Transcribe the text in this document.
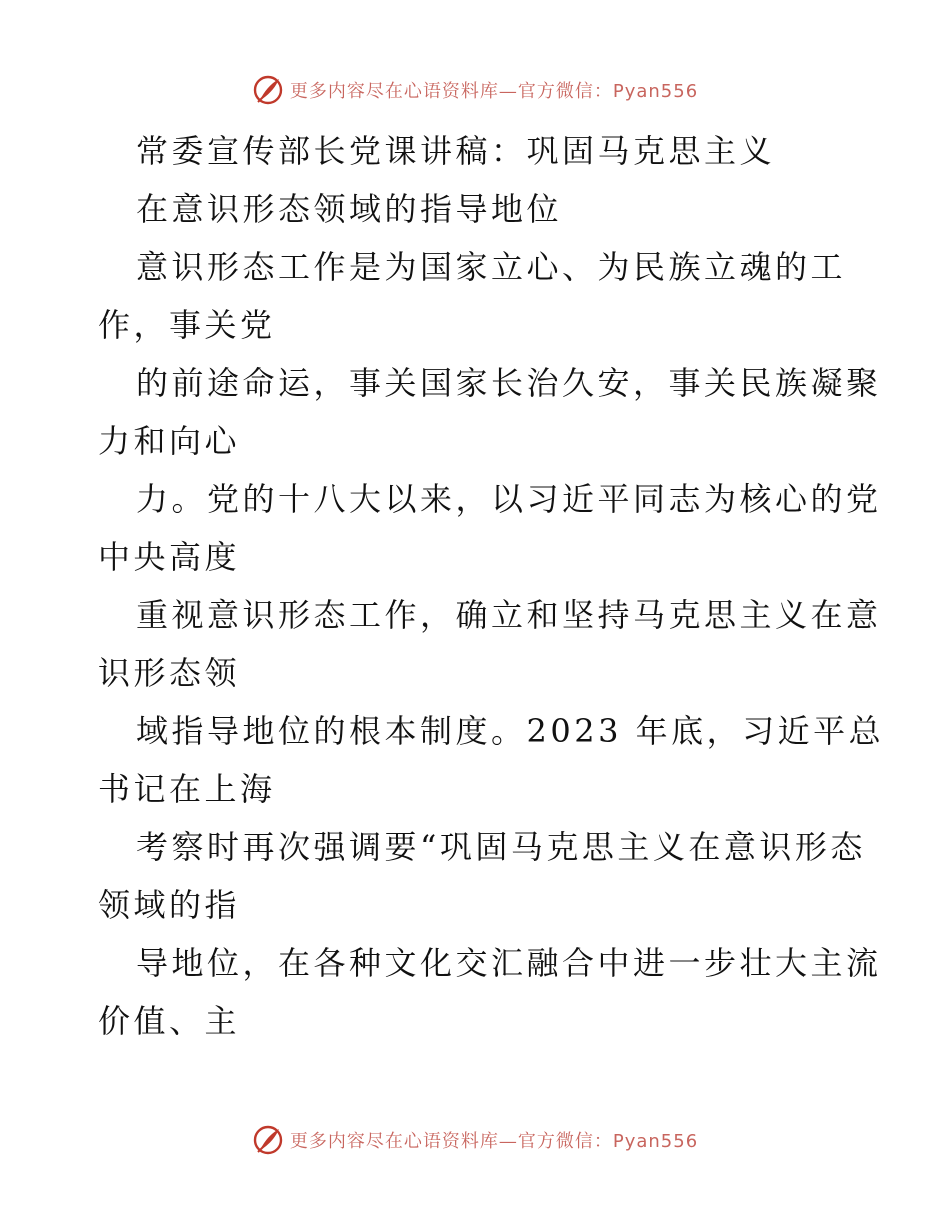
更多内容尽在心语资料库—官方微信：Pyan556
常委宣传部长党课讲稿：巩固马克思主义
在意识形态领域的指导地位
意识形态工作是为国家立心、为民族立魂的工
作，事关党
的前途命运，事关国家长治久安，事关民族凝聚
力和向心
力。党的十八大以来，以习近平同志为核心的党
中央高度
重视意识形态工作，确立和坚持马克思主义在意
识形态领
域指导地位的根本制度。2023 年底，习近平总
书记在上海
考察时再次强调要“巩固马克思主义在意识形态
领域的指
导地位，在各种文化交汇融合中进一步壮大主流
价值、主
更多内容尽在心语资料库—官方微信：Pyan556
